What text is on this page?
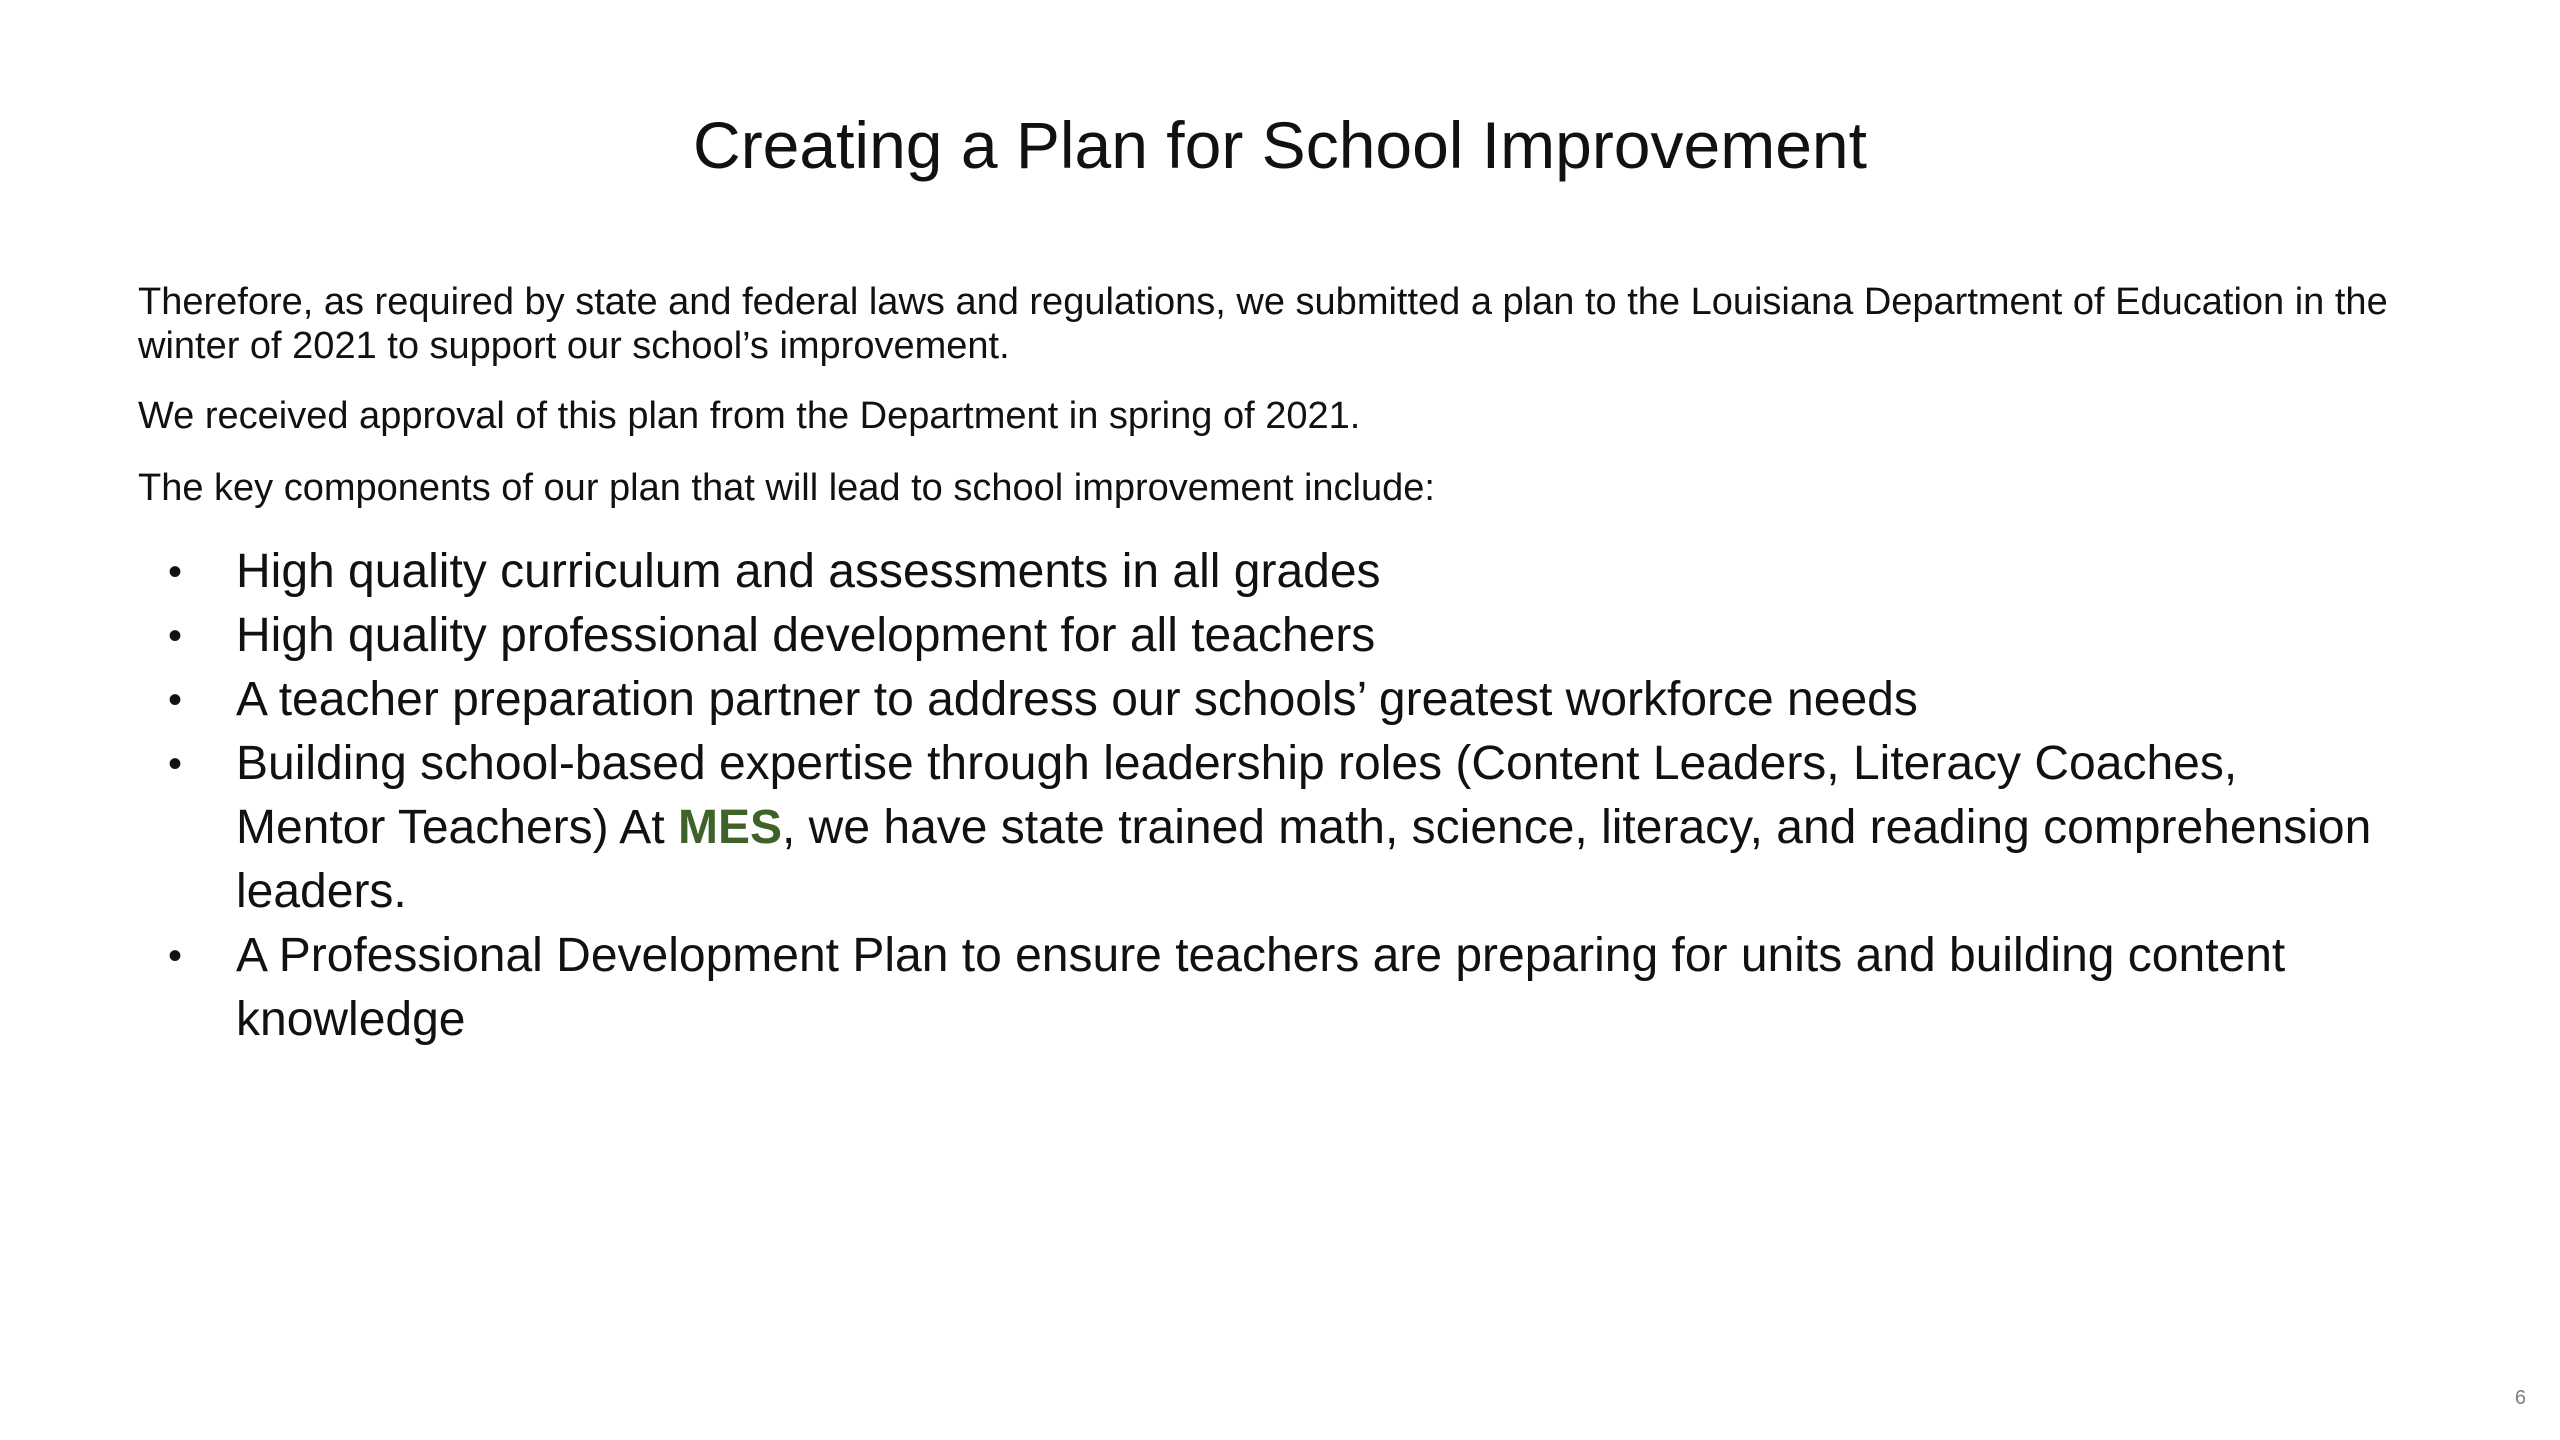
Creating a Plan for School Improvement

Therefore, as required by state and federal laws and regulations, we submitted a plan to the Louisiana Department of Education in the winter of 2021 to support our school’s improvement.

We received approval of this plan from the Department in spring of 2021.

The key components of our plan that will lead to school improvement include:

• High quality curriculum and assessments in all grades
• High quality professional development for all teachers
• A teacher preparation partner to address our schools’ greatest workforce needs
• Building school-based expertise through leadership roles (Content Leaders, Literacy Coaches, Mentor Teachers) At MES, we have state trained math, science, literacy, and reading comprehension leaders.
• A Professional Development Plan to ensure teachers are preparing for units and building content knowledge
6
